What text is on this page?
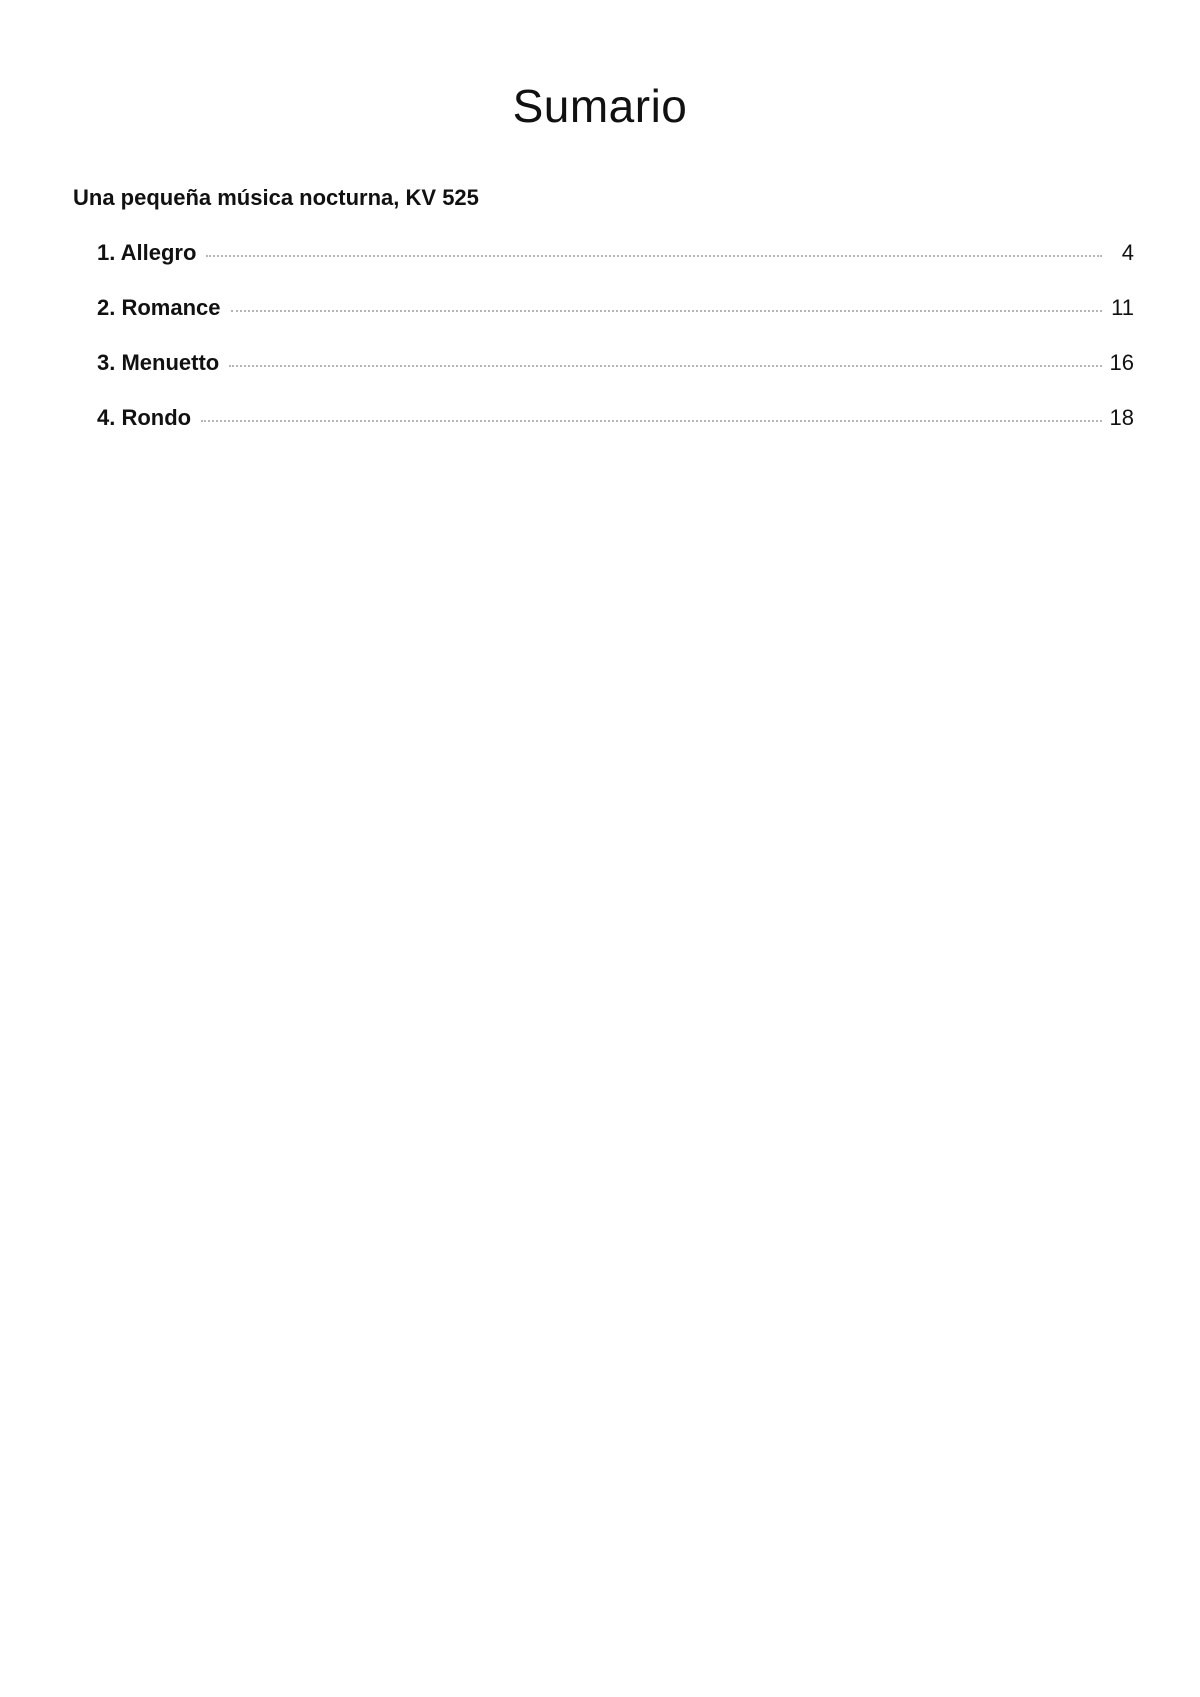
Sumario
Una pequeña música nocturna, KV 525
1. Allegro	4
2. Romance	11
3. Menuetto	16
4. Rondo	18
